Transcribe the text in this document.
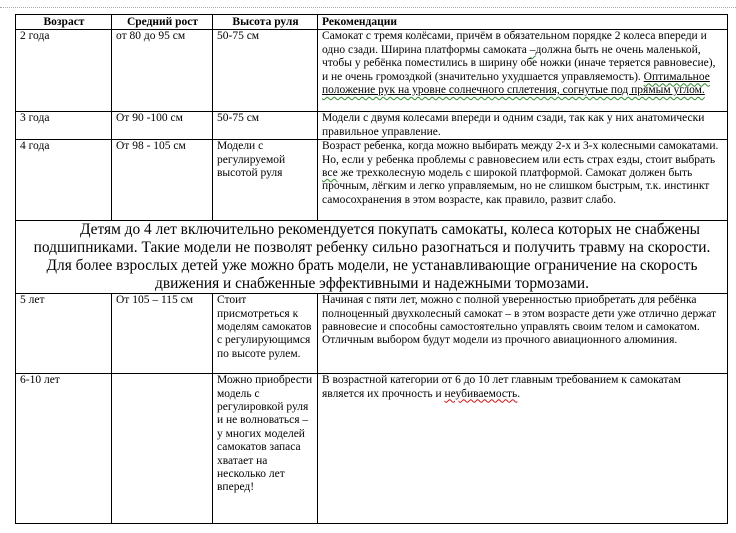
Возраст	Средний рост	Высота руля	Рекомендации
2 года	от 80 до 95 см	50-75 см	Самокат с тремя колёсами, причём в обязательном порядке 2 колеса впереди и одно сзади. Ширина платформы самоката –должна быть не очень маленькой, чтобы у ребёнка поместились в ширину обе ножки (иначе теряется равновесие), и не очень громоздкой (значительно ухудшается управляемость). Оптимальное положение рук на уровне солнечного сплетения, согнутые под прямым углом.
3 года	От 90 -100 см	50-75 см	Модели с двумя колесами впереди и одним сзади, так как у них анатомически правильное управление.
4 года	От 98 - 105 см	Модели с регулируемой высотой руля	Возраст ребенка, когда можно выбирать между 2-х и 3-х колесными самокатами. Но, если у ребенка проблемы с равновесием или есть страх езды, стоит выбрать все же трехколесную модель с широкой платформой. Самокат должен быть прочным, лёгким и легко управляемым, но не слишком быстрым, т.к. инстинкт самосохранения в этом возрасте, как правило, развит слабо.

Детям до 4 лет включительно рекомендуется покупать самокаты, колеса которых не снабжены подшипниками. Такие модели не позволят ребенку сильно разогнаться и получить травму на скорости. Для более взрослых детей уже можно брать модели, не устанавливающие ограничение на скорость движения и снабженные эффективными и надежными тормозами.			

5 лет	От 105 – 115 см	Стоит присмотреться к моделям самокатов с регулирующимся по высоте рулем.	Начиная с пяти лет, можно с полной уверенностью приобретать для ребёнка полноценный двухколесный самокат – в этом возрасте дети уже отлично держат равновесие и способны самостоятельно управлять своим телом и самокатом. Отличным выбором будут модели из прочного авиационного алюминия.
6-10 лет		Можно приобрести модель с регулировкой руля и не волноваться – у многих моделей самокатов запаса хватает на несколько лет вперед!	В возрастной категории от 6 до 10 лет главным требованием к самокатам является их прочность и неубиваемость.
